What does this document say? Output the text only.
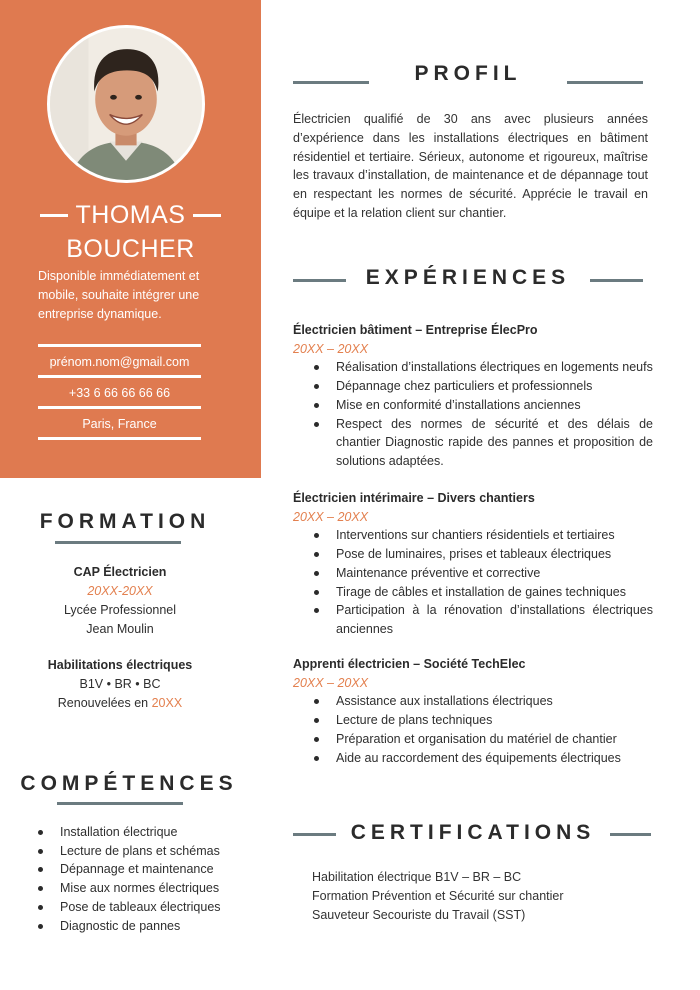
THOMAS
BOUCHER
Disponible immédiatement et mobile, souhaite intégrer une entreprise dynamique.
prénom.nom@gmail.com
+33 6 66 66 66 66
Paris, France
FORMATION
CAP Électricien
20XX-20XX
Lycée Professionnel Jean Moulin
Habilitations électriques
B1V • BR • BC
Renouvelées en 20XX
COMPÉTENCES
Installation électrique
Lecture de plans et schémas
Dépannage et maintenance
Mise aux normes électriques
Pose de tableaux électriques
Diagnostic de pannes
PROFIL
Électricien qualifié de 30 ans avec plusieurs années d’expérience dans les installations électriques en bâtiment résidentiel et tertiaire. Sérieux, autonome et rigoureux, maîtrise les travaux d’installation, de maintenance et de dépannage tout en respectant les normes de sécurité. Apprécie le travail en équipe et la relation client sur chantier.
EXPÉRIENCES
Électricien bâtiment – Entreprise ÉlecPro
20XX – 20XX
Réalisation d’installations électriques en logements neufs
Dépannage chez particuliers et professionnels
Mise en conformité d’installations anciennes
Respect des normes de sécurité et des délais de chantier Diagnostic rapide des pannes et proposition de solutions adaptées.
Électricien intérimaire – Divers chantiers
20XX – 20XX
Interventions sur chantiers résidentiels et tertiaires
Pose de luminaires, prises et tableaux électriques
Maintenance préventive et corrective
Tirage de câbles et installation de gaines techniques
Participation à la rénovation d’installations électriques anciennes
Apprenti électricien – Société TechElec
20XX – 20XX
Assistance aux installations électriques
Lecture de plans techniques
Préparation et organisation du matériel de chantier
Aide au raccordement des équipements électriques
CERTIFICATIONS
Habilitation électrique B1V – BR – BC
Formation Prévention et Sécurité sur chantier
Sauveteur Secouriste du Travail (SST)
